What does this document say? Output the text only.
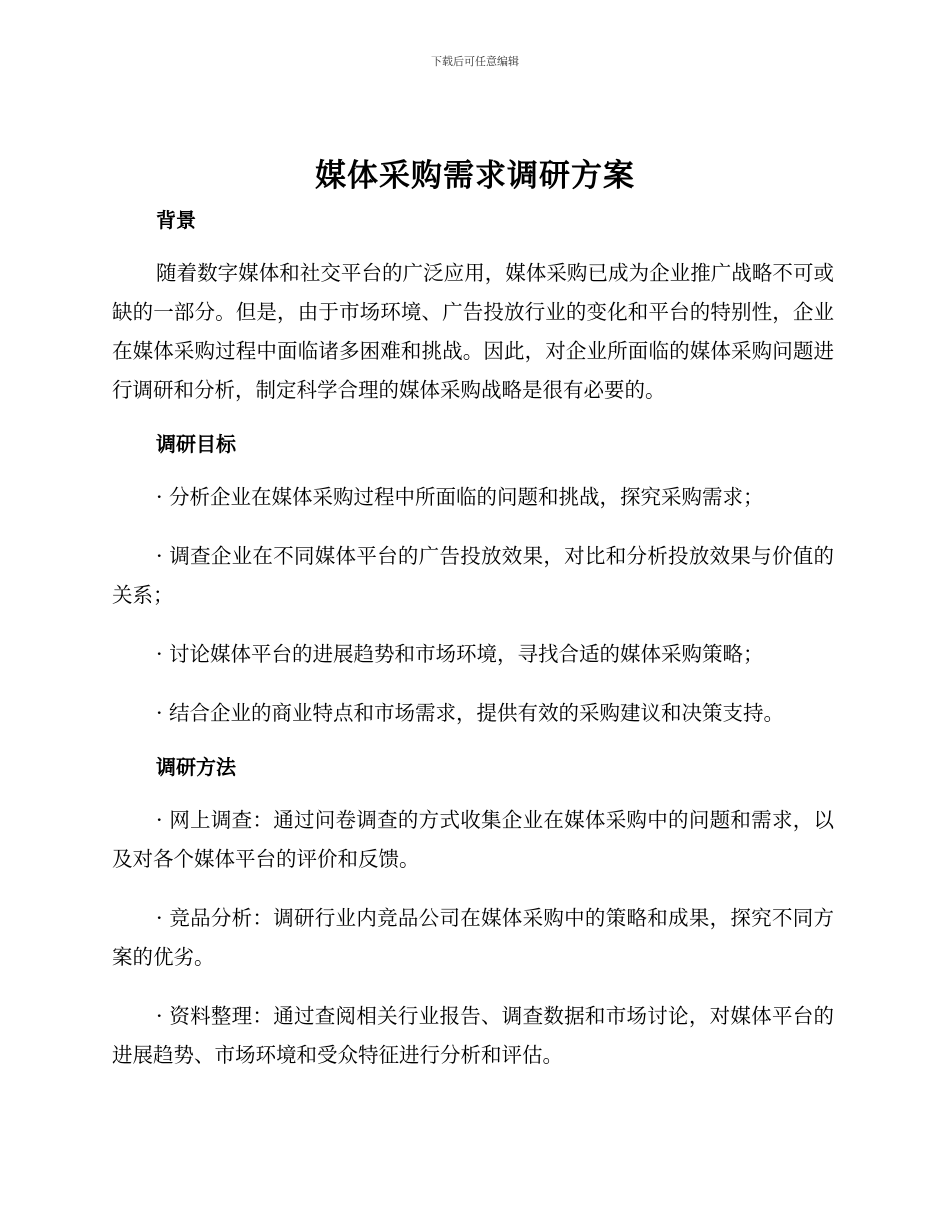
下载后可任意编辑
媒体采购需求调研方案

背景

随着数字媒体和社交平台的广泛应用，媒体采购已成为企业推广战略不可或缺的一部分。但是，由于市场环境、广告投放行业的变化和平台的特别性，企业在媒体采购过程中面临诸多困难和挑战。因此，对企业所面临的媒体采购问题进行调研和分析，制定科学合理的媒体采购战略是很有必要的。

调研目标

· 分析企业在媒体采购过程中所面临的问题和挑战，探究采购需求；

· 调查企业在不同媒体平台的广告投放效果，对比和分析投放效果与价值的关系；

· 讨论媒体平台的进展趋势和市场环境，寻找合适的媒体采购策略；

· 结合企业的商业特点和市场需求，提供有效的采购建议和决策支持。

调研方法

· 网上调查：通过问卷调查的方式收集企业在媒体采购中的问题和需求，以及对各个媒体平台的评价和反馈。

· 竞品分析：调研行业内竞品公司在媒体采购中的策略和成果，探究不同方案的优劣。

· 资料整理：通过查阅相关行业报告、调查数据和市场讨论，对媒体平台的进展趋势、市场环境和受众特征进行分析和评估。
